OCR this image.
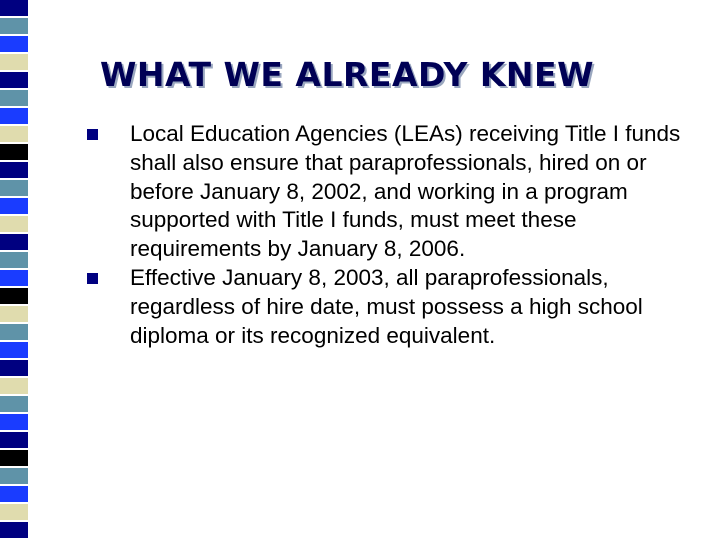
WHAT WE ALREADY KNEW
Local Education Agencies (LEAs) receiving Title I funds shall also ensure that paraprofessionals, hired on or before January 8, 2002, and working in a program supported with Title I funds, must meet these requirements by January 8, 2006.
Effective January 8, 2003, all paraprofessionals, regardless of hire date, must possess a high school diploma or its recognized equivalent.
